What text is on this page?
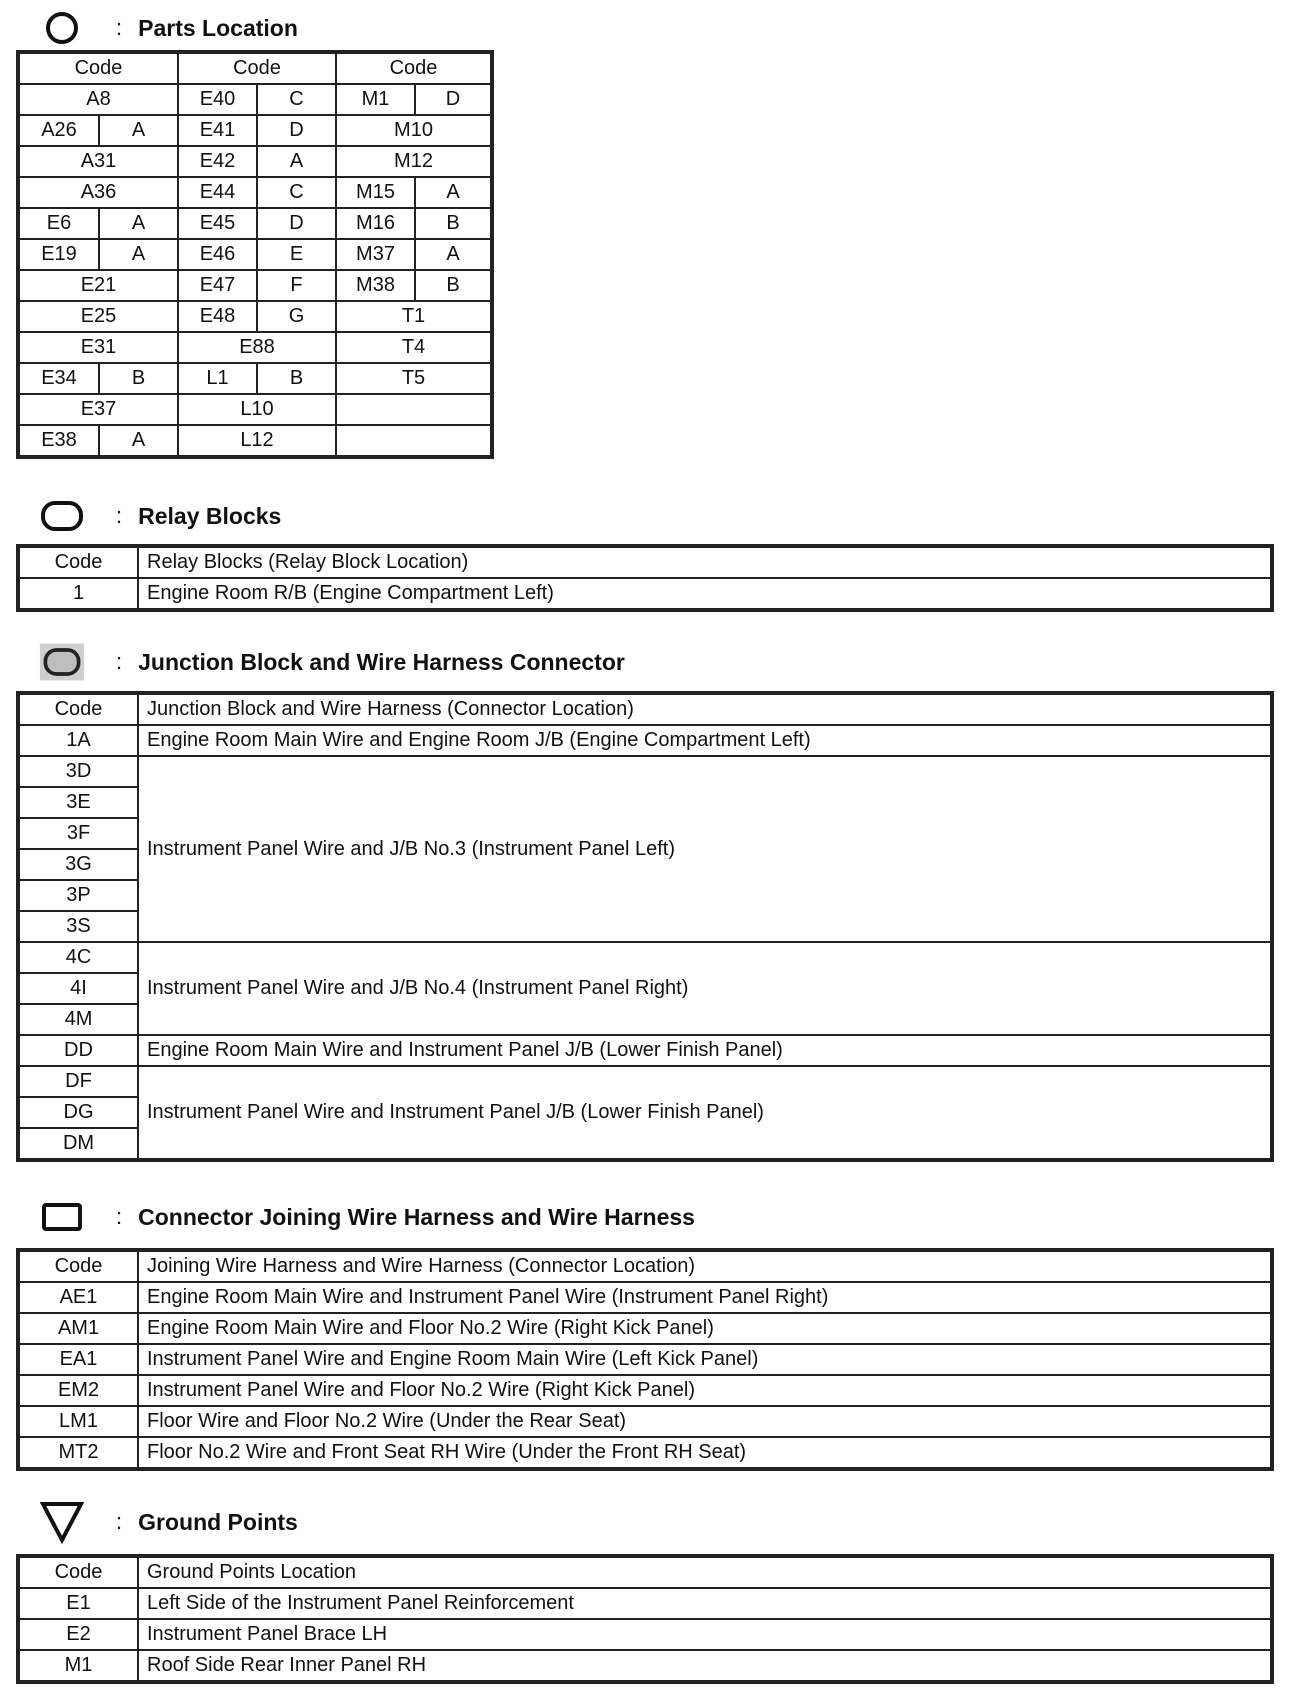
: Parts Location
Code		Code		Code	
A8		E40	C	M1	D
A26	A	E41	D	M10	
A31		E42	A	M12	
A36		E44	C	M15	A
E6	A	E45	D	M16	B
E19	A	E46	E	M37	A
E21		E47	F	M38	B
E25		E48	G	T1	
E31		E88		T4	
E34	B	L1	B	T5	
E37		L10			
E38	A	L12			
: Relay Blocks
Code	Relay Blocks (Relay Block Location)
1	Engine Room R/B (Engine Compartment Left)
: Junction Block and Wire Harness Connector
Code	Junction Block and Wire Harness (Connector Location)
1A	Engine Room Main Wire and Engine Room J/B (Engine Compartment Left)
3D	Instrument Panel Wire and J/B No.3 (Instrument Panel Left)
3E	
3F	
3G	
3P	
3S	
4C	Instrument Panel Wire and J/B No.4 (Instrument Panel Right)
4I	
4M	
DD	Engine Room Main Wire and Instrument Panel J/B (Lower Finish Panel)
DF	Instrument Panel Wire and Instrument Panel J/B (Lower Finish Panel)
DG	
DM	
: Connector Joining Wire Harness and Wire Harness
Code	Joining Wire Harness and Wire Harness (Connector Location)
AE1	Engine Room Main Wire and Instrument Panel Wire (Instrument Panel Right)
AM1	Engine Room Main Wire and Floor No.2 Wire (Right Kick Panel)
EA1	Instrument Panel Wire and Engine Room Main Wire (Left Kick Panel)
EM2	Instrument Panel Wire and Floor No.2 Wire (Right Kick Panel)
LM1	Floor Wire and Floor No.2 Wire (Under the Rear Seat)
MT2	Floor No.2 Wire and Front Seat RH Wire (Under the Front RH Seat)
: Ground Points
Code	Ground Points Location
E1	Left Side of the Instrument Panel Reinforcement
E2	Instrument Panel Brace LH
M1	Roof Side Rear Inner Panel RH
